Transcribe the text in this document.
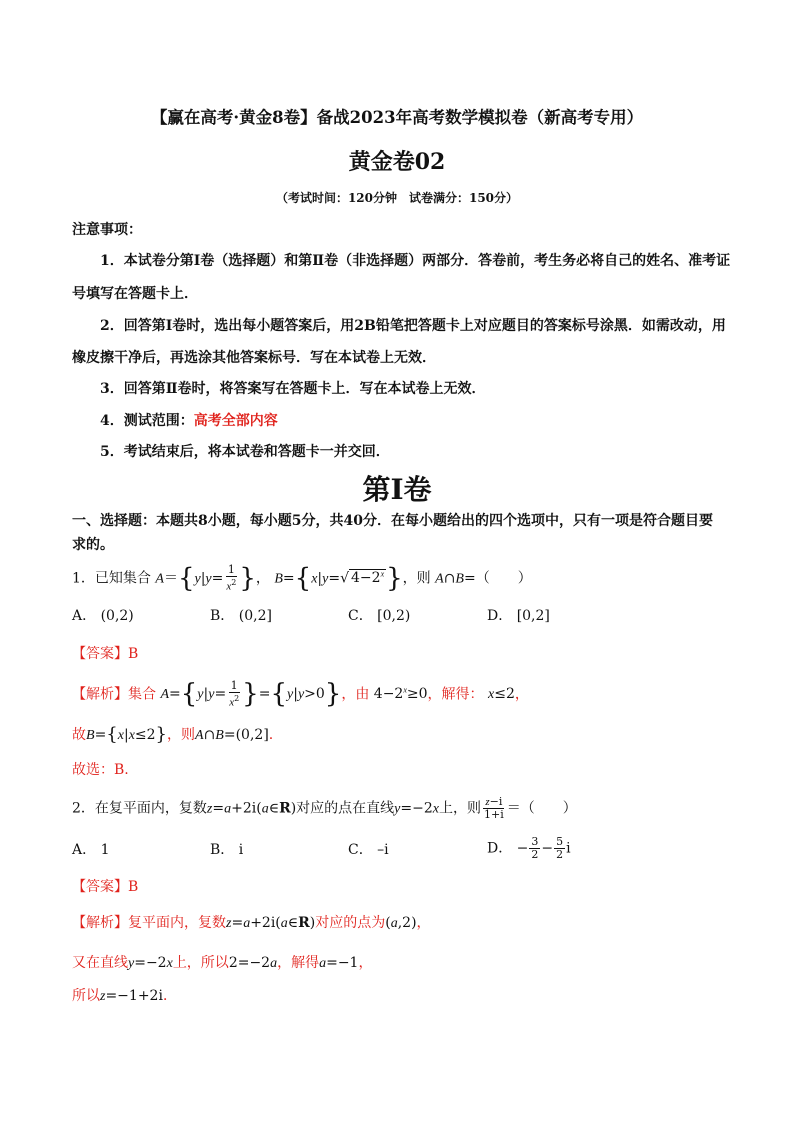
【赢在高考·黄金8卷】备战2023年高考数学模拟卷（新高考专用）
黄金卷02
（考试时间：120分钟　试卷满分：150分）
注意事项：
1．本试卷分第Ⅰ卷（选择题）和第Ⅱ卷（非选择题）两部分．答卷前，考生务必将自己的姓名、准考证
号填写在答题卡上．
2．回答第Ⅰ卷时，选出每小题答案后，用2B铅笔把答题卡上对应题目的答案标号涂黑．如需改动，用
橡皮擦干净后，再选涂其他答案标号．写在本试卷上无效．
3．回答第Ⅱ卷时，将答案写在答题卡上．写在本试卷上无效．
4．测试范围：高考全部内容
5．考试结束后，将本试卷和答题卡一并交回．
第Ⅰ卷
一、选择题：本题共8小题，每小题5分，共40分．在每小题给出的四个选项中，只有一项是符合题目要
求的。
1．已知集合 $A=\{y|y= \frac{1}{x^2}$ }， B={x|y=√ $4-2^x$}，则 A∩B=（　　）
A． (0,2)	B． (0,2]	C． [0,2)	D． [0,2]
【答案】B
【解析】集合 $A=\{y|y= \frac{1}{x^2} \}=\{y|y>0\}$，由 $4-2^x\ge 0$，解得： x≤2，
故B={x|x≤2}，则A∩B=(0,2].
故选：B.
2．在复平面内，复数z=a+2i(a∈R)对应的点在直线y=−2x上，则 $\frac{z-i}{1+i}$ ＝（　　）
A． 1	B． i	C． –i	D． − $\frac{3}{2} - \frac{5}{2}$ i
【答案】B
【解析】复平面内，复数z=a+2i(a∈R)对应的点为(a,2)，
又在直线y=−2x上，所以2=−2a，解得a=−1，
所以z=−1+2i．
